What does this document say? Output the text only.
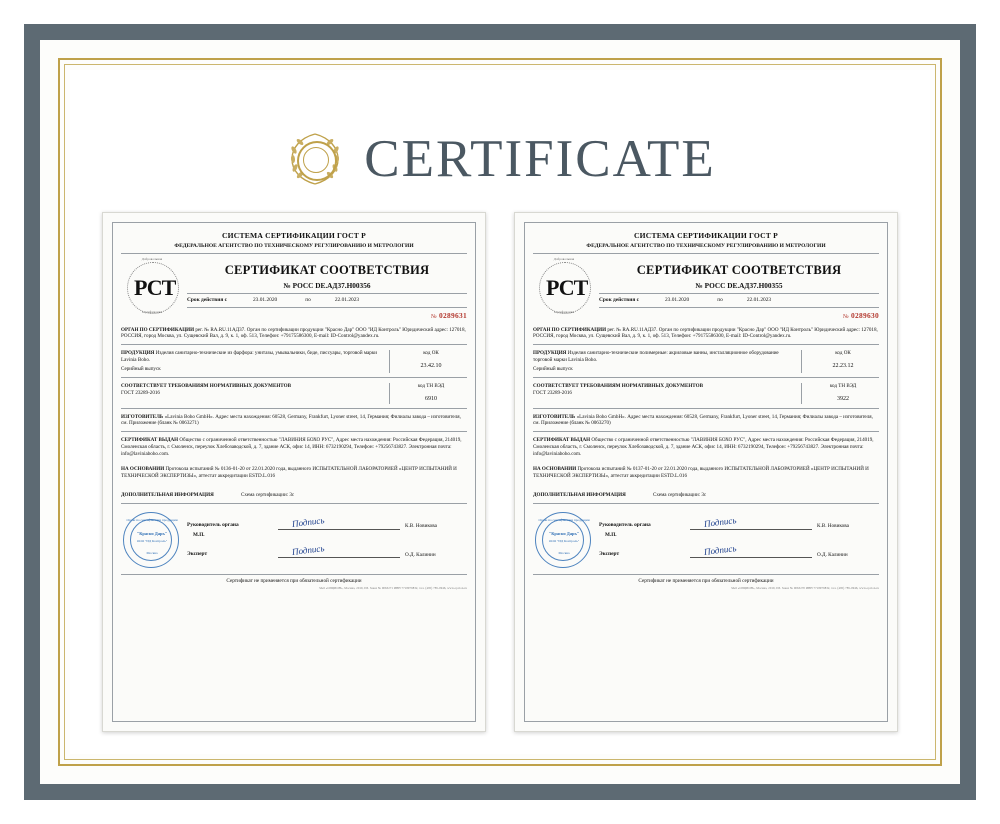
CERTIFICATE
СИСТЕМА СЕРТИФИКАЦИИ ГОСТ Р
ФЕДЕРАЛЬНОЕ АГЕНТСТВО ПО ТЕХНИЧЕСКОМУ РЕГУЛИРОВАНИЮ И МЕТРОЛОГИИ
Добровольная
РСТ
сертификация
СЕРТИФИКАТ СООТВЕТСТВИЯ
№ РОСС DE.АД37.Н00356
Срок действия с	23.01.2020	по	22.01.2023
№ 0289631
ОРГАН ПО СЕРТИФИКАЦИИ рег. № RA.RU.11АД37. Орган по сертификации продукции "Красно Дар" ООО "ИД Контроль" Юридический адрес: 127018, РОССИЯ, город Москва, ул. Сущевский Вал, д. 9, к. 1, оф. 513, Телефон: +79175586300, E-mail: ID-Control@yandex.ru.
ПРОДУКЦИЯ Изделия санитарно-технические из фарфора: унитазы, умывальники, биде, писсуары, торговой марки Lavinia Boho.
Серийный выпуск
код ОК
23.42.10
СООТВЕТСТВУЕТ ТРЕБОВАНИЯМ НОРМАТИВНЫХ ДОКУМЕНТОВ
ГОСТ 23289-2016
код ТН ВЭД
6910
ИЗГОТОВИТЕЛЬ «Lavinia Boho GmbH». Адрес места нахождения: 60528, Germany, Frankfurt, Lyoner street, 14, Германия; Филиалы завода – изготовителя, см. Приложение (бланк № 0063271)
СЕРТИФИКАТ ВЫДАН Общество с ограниченной ответственностью "ЛАВИНИЯ БОХО РУС", Адрес места нахождения: Российская Федерация, 214019, Смоленская область, г. Смоленск, переулок Хлебозаводской, д. 7, здание АСК, офис 14, ИНН: 6732190294, Телефон: +79256743827. Электронная почта: info@laviniaboho.com.
НА ОСНОВАНИИ Протокола испытаний № 0136-01-20 от 22.01.2020 года, выданного ИСПЫТАТЕЛЬНОЙ ЛАБОРАТОРИЕЙ «ЦЕНТР ИСПЫТАНИЙ И ТЕХНИЧЕСКОЙ ЭКСПЕРТИЗЫ», аттестат аккредитации ESTD.L.016
ДОПОЛНИТЕЛЬНАЯ ИНФОРМАЦИЯ	Схема сертификации: 3с
Орган по сертификации продукции
"Красно Дарь"
ООО "ИД Контроль"
Москва
Руководитель органа	Подпись	К.В. Новикова
М.П.
Эксперт	Подпись	О.Д. Калинин
Сертификат не применяется при обязательной сертификации
ЗАО «ОПЦИОН», Москва, 2019, ИЗ. Заказ № 0063271 ИНН 7718979832, тел. (495) 785-0946, www.opcion.ru
СИСТЕМА СЕРТИФИКАЦИИ ГОСТ Р
ФЕДЕРАЛЬНОЕ АГЕНТСТВО ПО ТЕХНИЧЕСКОМУ РЕГУЛИРОВАНИЮ И МЕТРОЛОГИИ
Добровольная
РСТ
сертификация
СЕРТИФИКАТ СООТВЕТСТВИЯ
№ РОСС DE.АД37.Н00355
Срок действия с	23.01.2020	по	22.01.2023
№ 0289630
ОРГАН ПО СЕРТИФИКАЦИИ рег. № RA.RU.11АД37. Орган по сертификации продукции "Красно Дар" ООО "ИД Контроль" Юридический адрес: 127018, РОССИЯ, город Москва, ул. Сущевский Вал, д. 9, к. 1, оф. 513, Телефон: +79175586300, E-mail: ID-Control@yandex.ru.
ПРОДУКЦИЯ Изделия санитарно-технические полимерные: акриловые ванны, инсталляционное оборудование торговой марки Lavinia Boho.
Серийный выпуск
код ОК
22.23.12
СООТВЕТСТВУЕТ ТРЕБОВАНИЯМ НОРМАТИВНЫХ ДОКУМЕНТОВ
ГОСТ 23289-2016
код ТН ВЭД
3922
ИЗГОТОВИТЕЛЬ «Lavinia Boho GmbH». Адрес места нахождения: 60528, Germany, Frankfurt, Lyoner street, 14, Германия; Филиалы завода – изготовителя, см. Приложение (бланк № 0063270)
СЕРТИФИКАТ ВЫДАН Общество с ограниченной ответственностью "ЛАВИНИЯ БОХО РУС", Адрес места нахождения: Российская Федерация, 214019, Смоленская область, г. Смоленск, переулок Хлебозаводской, д. 7, здание АСК, офис 14, ИНН: 6732190294, Телефон: +79256743827. Электронная почта: info@laviniaboho.com.
НА ОСНОВАНИИ Протокола испытаний № 0137-01-20 от 22.01.2020 года, выданного ИСПЫТАТЕЛЬНОЙ ЛАБОРАТОРИЕЙ «ЦЕНТР ИСПЫТАНИЙ И ТЕХНИЧЕСКОЙ ЭКСПЕРТИЗЫ», аттестат аккредитации ESTD.L.016
ДОПОЛНИТЕЛЬНАЯ ИНФОРМАЦИЯ	Схема сертификации: 3с
Орган по сертификации продукции
"Красно Дарь"
ООО "ИД Контроль"
Москва
Руководитель органа	Подпись	К.В. Новикова
М.П.
Эксперт	Подпись	О.Д. Калинин
Сертификат не применяется при обязательной сертификации
ЗАО «ОПЦИОН», Москва, 2019, ИЗ. Заказ № 0063270 ИНН 7718979832, тел. (495) 785-0946, www.opcion.ru
